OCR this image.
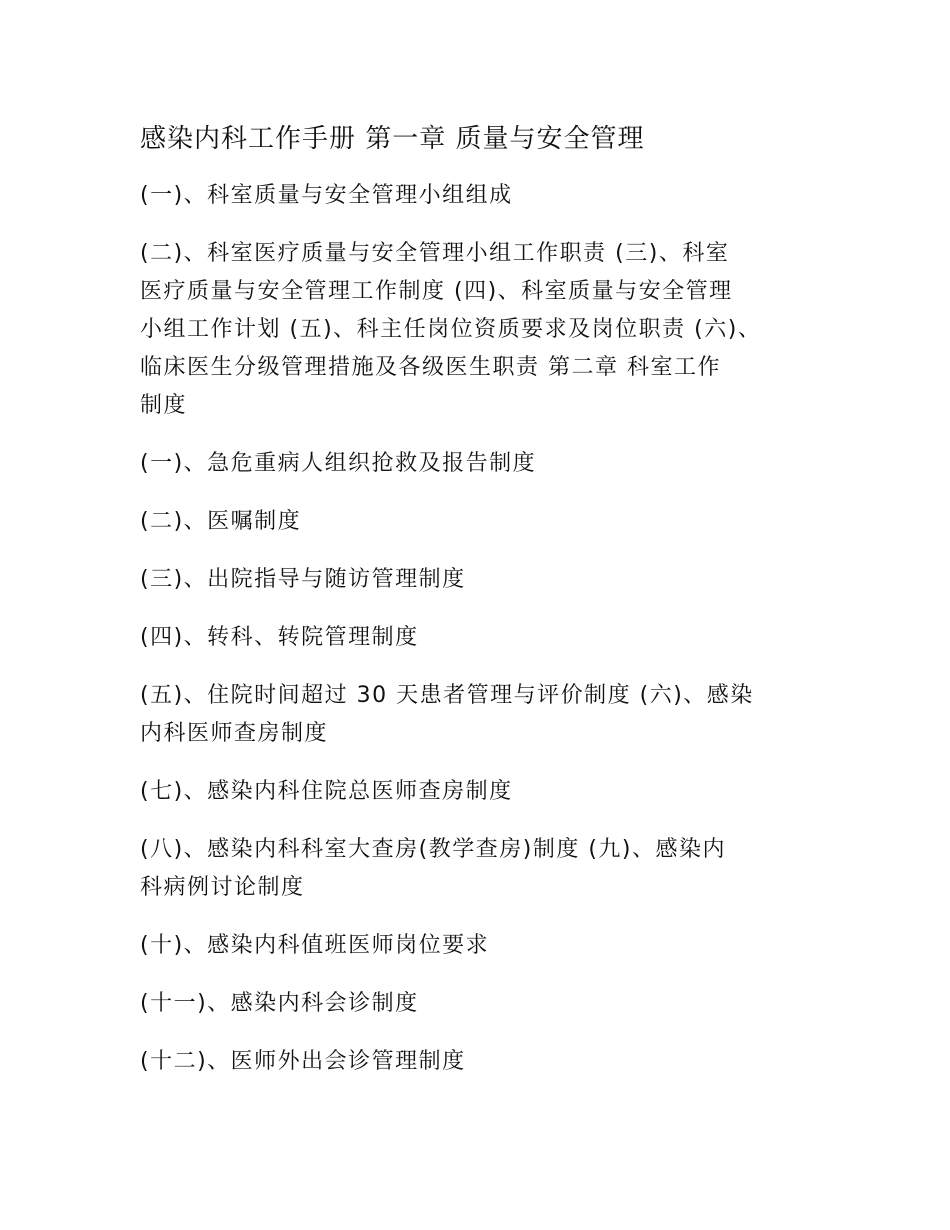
感染内科工作手册 第一章 质量与安全管理
(一)、科室质量与安全管理小组组成
(二)、科室医疗质量与安全管理小组工作职责 (三)、科室
医疗质量与安全管理工作制度 (四)、科室质量与安全管理
小组工作计划 (五)、科主任岗位资质要求及岗位职责 (六)、
临床医生分级管理措施及各级医生职责 第二章 科室工作
制度
(一)、急危重病人组织抢救及报告制度
(二)、医嘱制度
(三)、出院指导与随访管理制度
(四)、转科、转院管理制度
(五)、住院时间超过 30 天患者管理与评价制度 (六)、感染
内科医师查房制度
(七)、感染内科住院总医师查房制度
(八)、感染内科科室大查房(教学查房)制度 (九)、感染内
科病例讨论制度
(十)、感染内科值班医师岗位要求
(十一)、感染内科会诊制度
(十二)、医师外出会诊管理制度
